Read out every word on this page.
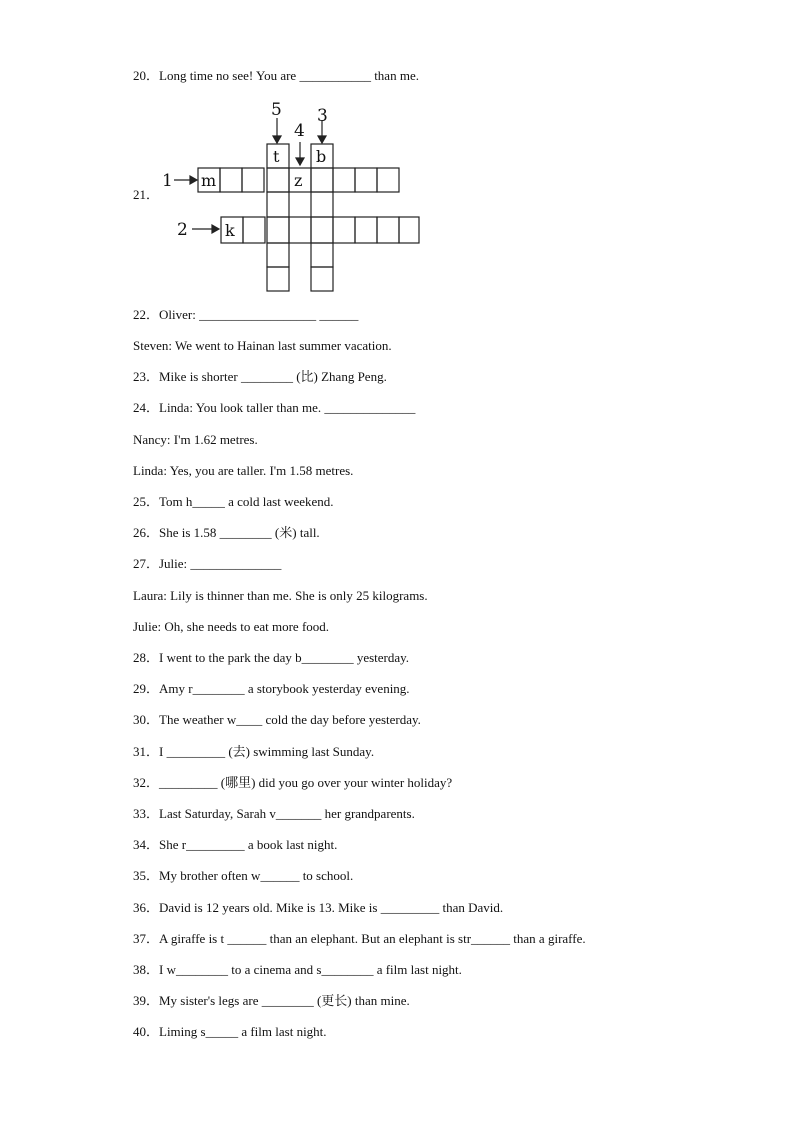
20．Long time no see! You are ___________ than me.
21．
5
4
3
1
2
t b
m	z
k
22．Oliver: __________________ ______
Steven: We went to Hainan last summer vacation.
23．Mike is shorter ________ (比) Zhang Peng.
24．Linda: You look taller than me. ______________
Nancy: I'm 1.62 metres.
Linda: Yes, you are taller. I'm 1.58 metres.
25．Tom h_____ a cold last weekend.
26．She is 1.58 ________ (米) tall.
27．Julie: ______________
Laura: Lily is thinner than me. She is only 25 kilograms.
Julie: Oh, she needs to eat more food.
28．I went to the park the day b________ yesterday.
29．Amy r________ a storybook yesterday evening.
30．The weather w____ cold the day before yesterday.
31．I _________ (去) swimming last Sunday.
32．_________ (哪里) did you go over your winter holiday?
33．Last Saturday, Sarah v_______ her grandparents.
34．She r_________ a book last night.
35．My brother often w______ to school.
36．David is 12 years old. Mike is 13. Mike is _________ than David.
37．A giraffe is t ______ than an elephant. But an elephant is str______ than a giraffe.
38．I w________ to a cinema and s________ a film last night.
39．My sister's legs are ________ (更长) than mine.
40．Liming s_____ a film last night.
